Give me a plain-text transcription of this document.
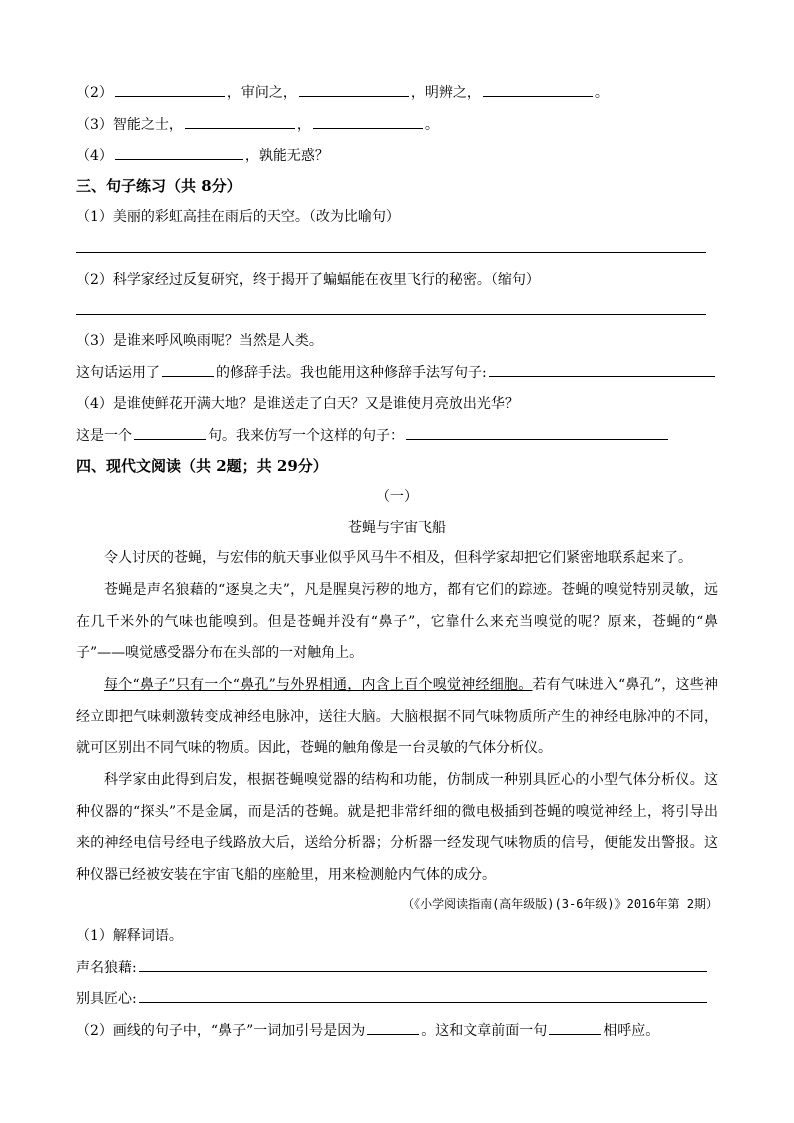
（2）	，审问之，	，明辨之，	。
（3）智能之士，	，	。
（4）	，孰能无惑？
三、句子练习（共 8分）
（1）美丽的彩虹高挂在雨后的天空。（改为比喻句）
（2）科学家经过反复研究，终于揭开了蝙蝠能在夜里飞行的秘密。（缩句）
（3）是谁来呼风唤雨呢？当然是人类。
这句话运用了	的修辞手法。我也能用这种修辞手法写句子:
（4）是谁使鲜花开满大地？是谁送走了白天？又是谁使月亮放出光华？
这是一个	句。我来仿写一个这样的句子：
四、现代文阅读（共 2题；共 29分）
（一）
苍蝇与宇宙飞船
令人讨厌的苍蝇，与宏伟的航天事业似乎风马牛不相及，但科学家却把它们紧密地联系起来了。
苍蝇是声名狼藉的“逐臭之夫”，凡是腥臭污秽的地方，都有它们的踪迹。苍蝇的嗅觉特别灵敏，远在几千米外的气味也能嗅到。但是苍蝇并没有“鼻子”，它靠什么来充当嗅觉的呢？原来，苍蝇的“鼻子”——嗅觉感受器分布在头部的一对触角上。
每个“鼻子”只有一个“鼻孔”与外界相通，内含上百个嗅觉神经细胞。若有气味进入“鼻孔”，这些神经立即把气味刺激转变成神经电脉冲，送往大脑。大脑根据不同气味物质所产生的神经电脉冲的不同，就可区别出不同气味的物质。因此，苍蝇的触角像是一台灵敏的气体分析仪。
科学家由此得到启发，根据苍蝇嗅觉器的结构和功能，仿制成一种别具匠心的小型气体分析仪。这种仪器的“探头”不是金属，而是活的苍蝇。就是把非常纤细的微电极插到苍蝇的嗅觉神经上，将引导出来的神经电信号经电子线路放大后，送给分析器；分析器一经发现气味物质的信号，便能发出警报。这种仪器已经被安装在宇宙飞船的座舱里，用来检测舱内气体的成分。
（《小学阅读指南(高年级版)(3-6年级)》2016年第 2期）
（1）解释词语。
声名狼藉:
别具匠心:
（2）画线的句子中，“鼻子”一词加引号是因为	。这和文章前面一句	相呼应。
